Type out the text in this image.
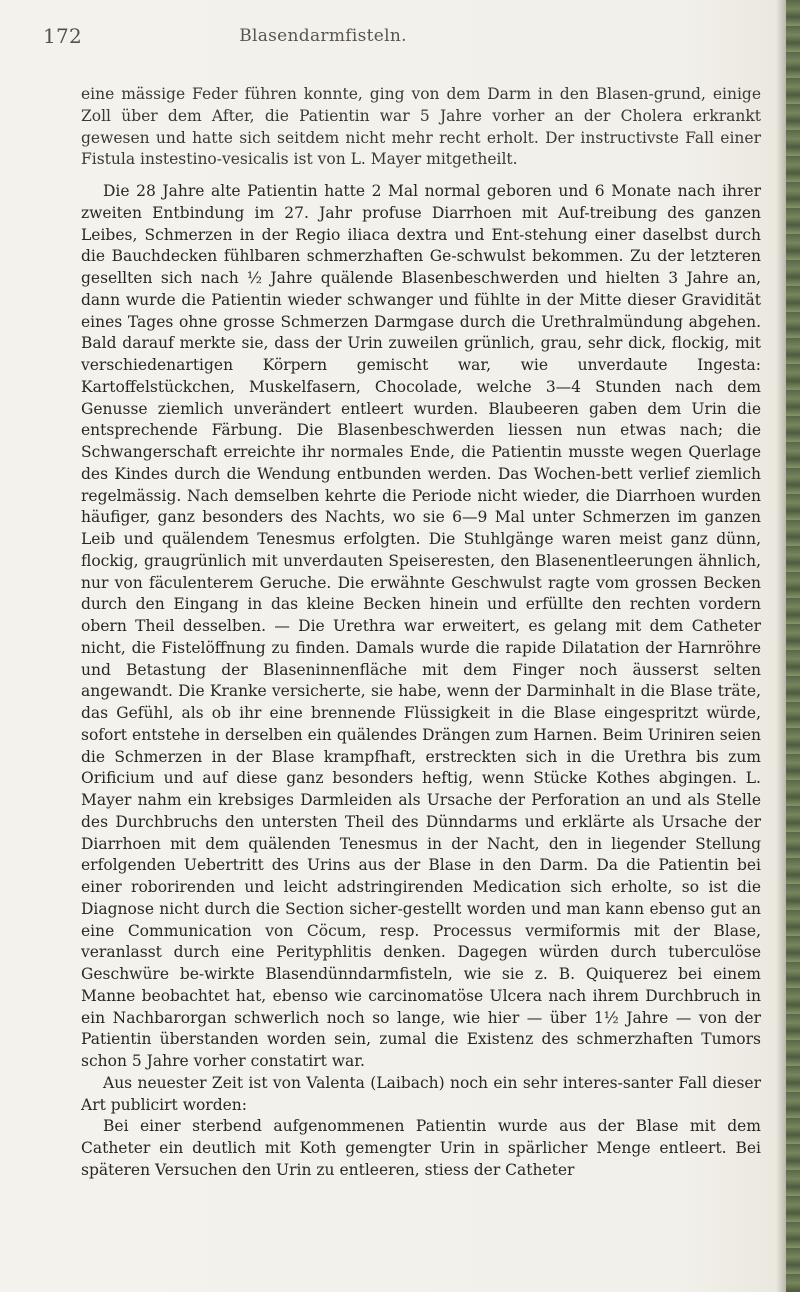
172	Blasendarmfisteln.

eine mässige Feder führen konnte, ging von dem Darm in den Blasen-grund, einige Zoll über dem After, die Patientin war 5 Jahre vorher an der Cholera erkrankt gewesen und hatte sich seitdem nicht mehr recht erholt. Der instructivste Fall einer Fistula instestino-vesicalis ist von L. Mayer mitgetheilt.

Die 28 Jahre alte Patientin hatte 2 Mal normal geboren und 6 Monate nach ihrer zweiten Entbindung im 27. Jahr profuse Diarrhoen mit Auf-treibung des ganzen Leibes, Schmerzen in der Regio iliaca dextra und Ent-stehung einer daselbst durch die Bauchdecken fühlbaren schmerzhaften Ge-schwulst bekommen. Zu der letzteren gesellten sich nach ½ Jahre quälende Blasenbeschwerden und hielten 3 Jahre an, dann wurde die Patientin wieder schwanger und fühlte in der Mitte dieser Gravidität eines Tages ohne grosse Schmerzen Darmgase durch die Urethralmündung abgehen. Bald darauf merkte sie, dass der Urin zuweilen grünlich, grau, sehr dick, flockig, mit verschiedenartigen Körpern gemischt war, wie unverdaute Ingesta: Kartoffelstückchen, Muskelfasern, Chocolade, welche 3—4 Stunden nach dem Genusse ziemlich unverändert entleert wurden. Blaubeeren gaben dem Urin die entsprechende Färbung. Die Blasenbeschwerden liessen nun etwas nach; die Schwangerschaft erreichte ihr normales Ende, die Patientin musste wegen Querlage des Kindes durch die Wendung entbunden werden. Das Wochen-bett verlief ziemlich regelmässig. Nach demselben kehrte die Periode nicht wieder, die Diarrhoen wurden häufiger, ganz besonders des Nachts, wo sie 6—9 Mal unter Schmerzen im ganzen Leib und quälendem Tenesmus erfolgten. Die Stuhlgänge waren meist ganz dünn, flockig, graugrünlich mit unverdauten Speiseresten, den Blasenentleerungen ähnlich, nur von fäculenterem Geruche. Die erwähnte Geschwulst ragte vom grossen Becken durch den Eingang in das kleine Becken hinein und erfüllte den rechten vordern obern Theil desselben. — Die Urethra war erweitert, es gelang mit dem Catheter nicht, die Fistelöffnung zu finden. Damals wurde die rapide Dilatation der Harnröhre und Betastung der Blaseninnenfläche mit dem Finger noch äusserst selten angewandt. Die Kranke versicherte, sie habe, wenn der Darminhalt in die Blase träte, das Gefühl, als ob ihr eine brennende Flüssigkeit in die Blase eingespritzt würde, sofort entstehe in derselben ein quälendes Drängen zum Harnen. Beim Uriniren seien die Schmerzen in der Blase krampfhaft, erstreckten sich in die Urethra bis zum Orificium und auf diese ganz besonders heftig, wenn Stücke Kothes abgingen. L. Mayer nahm ein krebsiges Darmleiden als Ursache der Perforation an und als Stelle des Durchbruchs den untersten Theil des Dünndarms und erklärte als Ursache der Diarrhoen mit dem quälenden Tenesmus in der Nacht, den in liegender Stellung erfolgenden Uebertritt des Urins aus der Blase in den Darm. Da die Patientin bei einer roborirenden und leicht adstringirenden Medication sich erholte, so ist die Diagnose nicht durch die Section sicher-gestellt worden und man kann ebenso gut an eine Communication von Cöcum, resp. Processus vermiformis mit der Blase, veranlasst durch eine Perityphlitis denken. Dagegen würden durch tuberculöse Geschwüre be-wirkte Blasendünndarmfisteln, wie sie z. B. Quiquerez bei einem Manne beobachtet hat, ebenso wie carcinomatöse Ulcera nach ihrem Durchbruch in ein Nachbarorgan schwerlich noch so lange, wie hier — über 1½ Jahre — von der Patientin überstanden worden sein, zumal die Existenz des schmerzhaften Tumors schon 5 Jahre vorher constatirt war.

Aus neuester Zeit ist von Valenta (Laibach) noch ein sehr interes-santer Fall dieser Art publicirt worden:

Bei einer sterbend aufgenommenen Patientin wurde aus der Blase mit dem Catheter ein deutlich mit Koth gemengter Urin in spärlicher Menge entleert. Bei späteren Versuchen den Urin zu entleeren, stiess der Catheter
